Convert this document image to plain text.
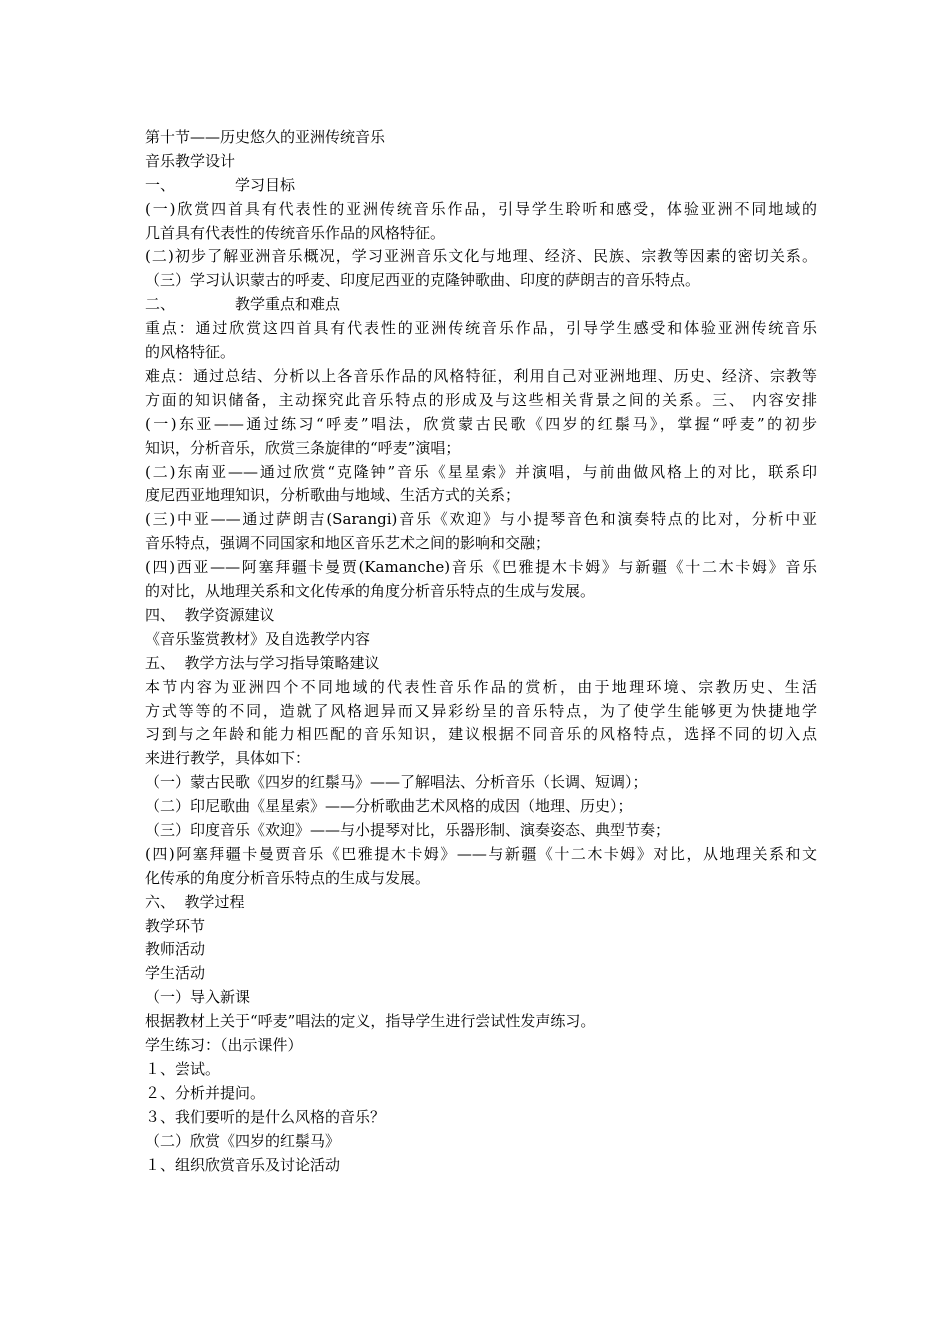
第十节——历史悠久的亚洲传统音乐
音乐教学设计
一、	学习目标
(一)欣赏四首具有代表性的亚洲传统音乐作品，引导学生聆听和感受，体验亚洲不同地域的
几首具有代表性的传统音乐作品的风格特征。
(二)初步了解亚洲音乐概况，学习亚洲音乐文化与地理、经济、民族、宗教等因素的密切关系。
（三）学习认识蒙古的呼麦、印度尼西亚的克隆钟歌曲、印度的萨朗吉的音乐特点。
二、	教学重点和难点
重点：通过欣赏这四首具有代表性的亚洲传统音乐作品，引导学生感受和体验亚洲传统音乐
的风格特征。
难点：通过总结、分析以上各音乐作品的风格特征，利用自己对亚洲地理、历史、经济、宗教等
方面的知识储备，主动探究此音乐特点的形成及与这些相关背景之间的关系。三、 内容安排
(一)东亚——通过练习“呼麦”唱法，欣赏蒙古民歌《四岁的红鬃马》，掌握“呼麦”的初步
知识，分析音乐，欣赏三条旋律的“呼麦”演唱；
(二)东南亚——通过欣赏“克隆钟”音乐《星星索》并演唱，与前曲做风格上的对比，联系印
度尼西亚地理知识，分析歌曲与地域、生活方式的关系；
(三)中亚——通过萨朗吉(Sarangi)音乐《欢迎》与小提琴音色和演奏特点的比对，分析中亚
音乐特点，强调不同国家和地区音乐艺术之间的影响和交融；
(四)西亚——阿塞拜疆卡曼贾(Kamanche)音乐《巴雅提木卡姆》与新疆《十二木卡姆》音乐
的对比，从地理关系和文化传承的角度分析音乐特点的生成与发展。
四、  教学资源建议
《音乐鉴赏教材》及自选教学内容
五、  教学方法与学习指导策略建议
本节内容为亚洲四个不同地域的代表性音乐作品的赏析，由于地理环境、宗教历史、生活
方式等等的不同，造就了风格迥异而又异彩纷呈的音乐特点，为了使学生能够更为快捷地学
习到与之年龄和能力相匹配的音乐知识，建议根据不同音乐的风格特点，选择不同的切入点
来进行教学，具体如下：
（一）蒙古民歌《四岁的红鬃马》——了解唱法、分析音乐（长调、短调）；
（二）印尼歌曲《星星索》——分析歌曲艺术风格的成因（地理、历史）；
（三）印度音乐《欢迎》——与小提琴对比，乐器形制、演奏姿态、典型节奏；
(四)阿塞拜疆卡曼贾音乐《巴雅提木卡姆》——与新疆《十二木卡姆》对比，从地理关系和文
化传承的角度分析音乐特点的生成与发展。
六、  教学过程
教学环节
教师活动
学生活动
（一）导入新课
根据教材上关于“呼麦”唱法的定义，指导学生进行尝试性发声练习。
学生练习：（出示课件）
１、尝试。
２、分析并提问。
３、我们要听的是什么风格的音乐？
（二）欣赏《四岁的红鬃马》
１、组织欣赏音乐及讨论活动
